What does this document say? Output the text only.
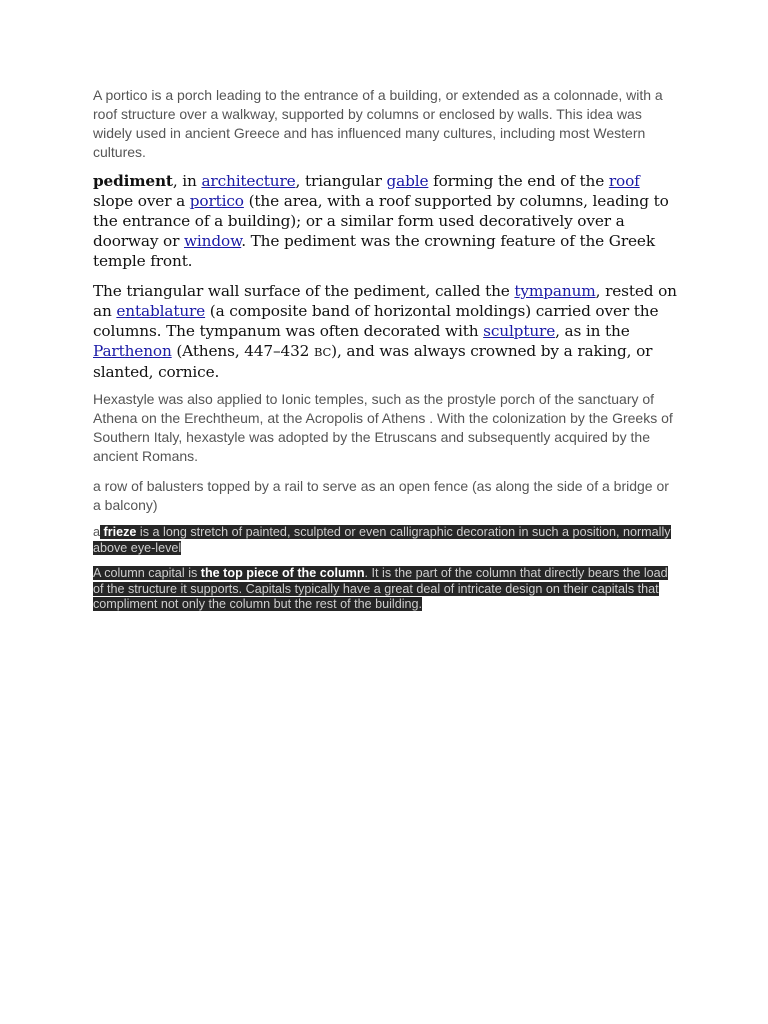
A portico is a porch leading to the entrance of a building, or extended as a colonnade, with a roof structure over a walkway, supported by columns or enclosed by walls. This idea was widely used in ancient Greece and has influenced many cultures, including most Western cultures.

pediment, in architecture, triangular gable forming the end of the roof slope over a portico (the area, with a roof supported by columns, leading to the entrance of a building); or a similar form used decoratively over a doorway or window. The pediment was the crowning feature of the Greek temple front.

The triangular wall surface of the pediment, called the tympanum, rested on an entablature (a composite band of horizontal moldings) carried over the columns. The tympanum was often decorated with sculpture, as in the Parthenon (Athens, 447–432 BC), and was always crowned by a raking, or slanted, cornice.

Hexastyle was also applied to Ionic temples, such as the prostyle porch of the sanctuary of Athena on the Erechtheum, at the Acropolis of Athens . With the colonization by the Greeks of Southern Italy, hexastyle was adopted by the Etruscans and subsequently acquired by the ancient Romans.

a row of balusters topped by a rail to serve as an open fence (as along the side of a bridge or a balcony)

a frieze is a long stretch of painted, sculpted or even calligraphic decoration in such a position, normally above eye-level

A column capital is the top piece of the column. It is the part of the column that directly bears the load of the structure it supports. Capitals typically have a great deal of intricate design on their capitals that compliment not only the column but the rest of the building.
